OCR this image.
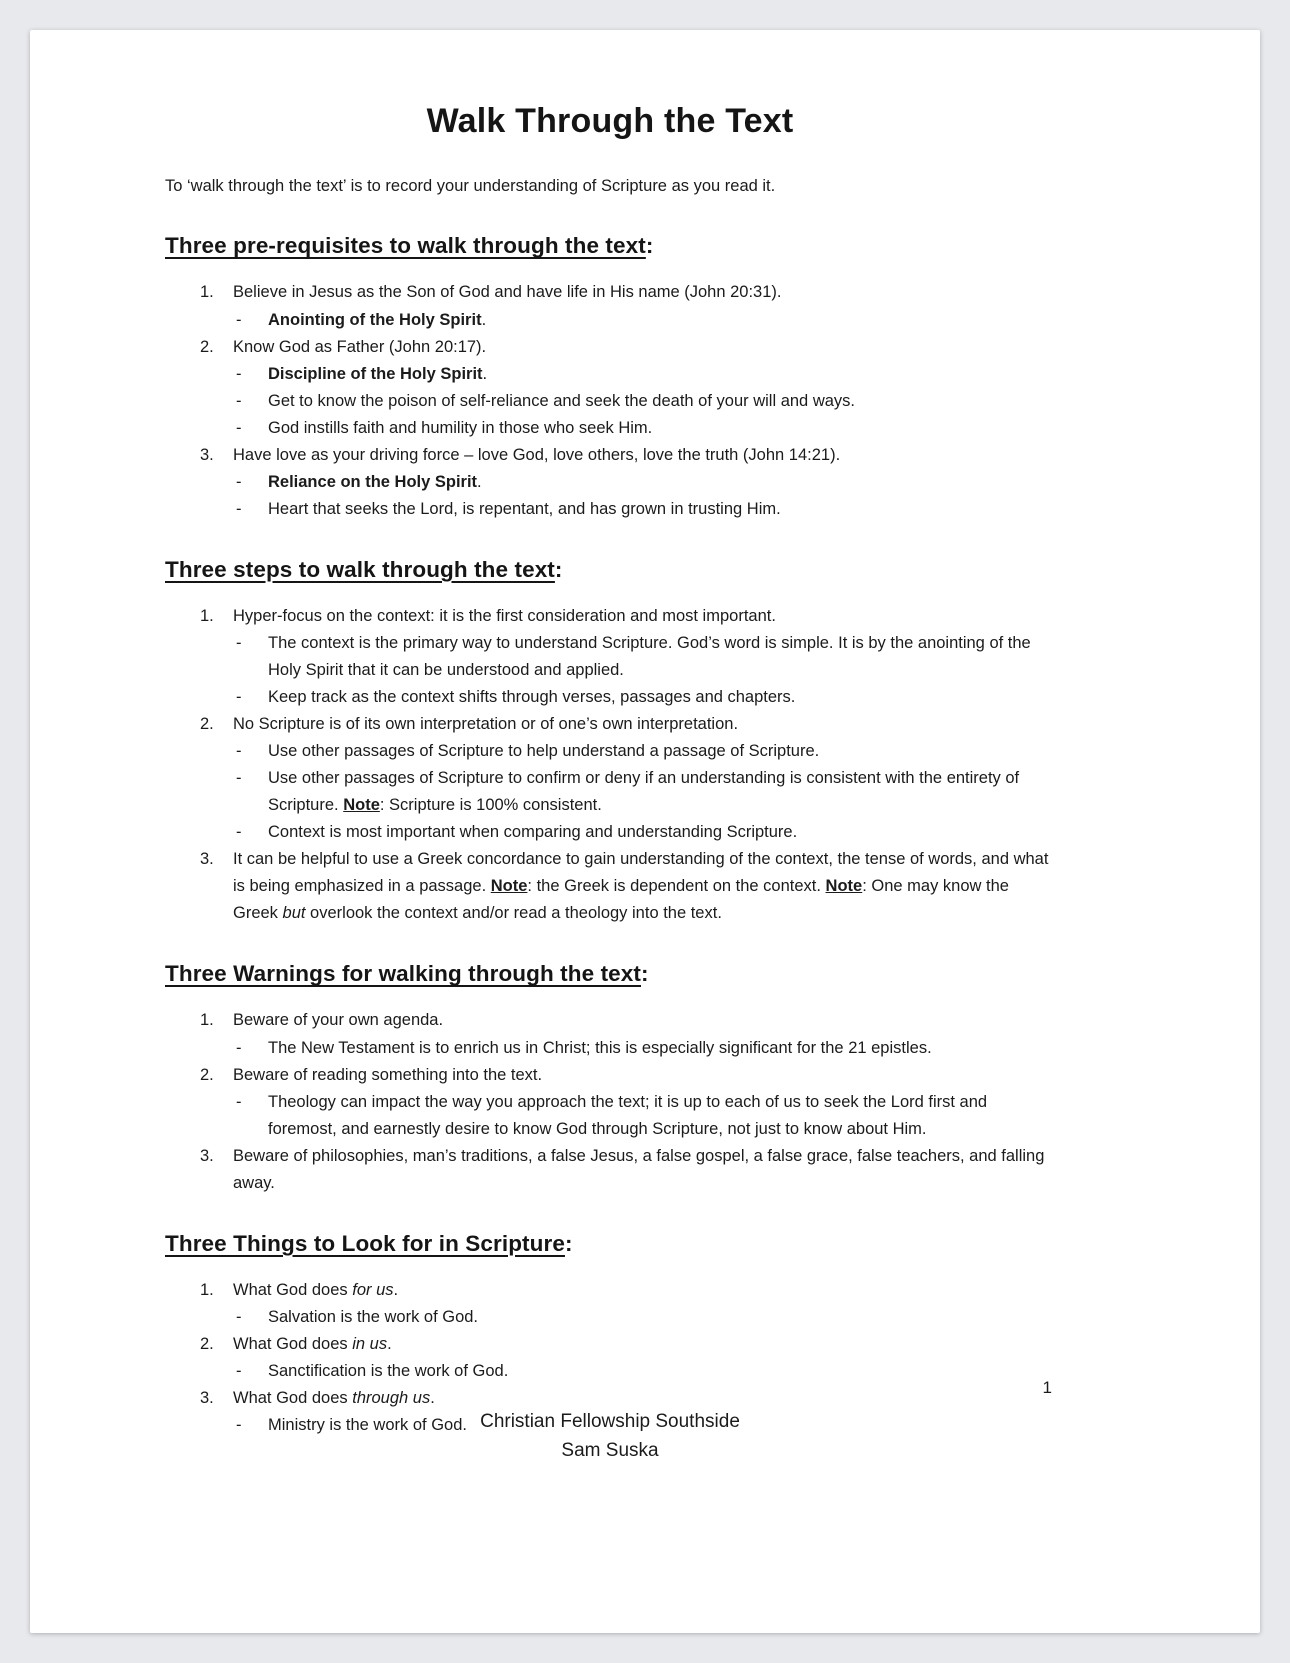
Walk Through the Text

To ‘walk through the text’ is to record your understanding of Scripture as you read it.

Three pre-requisites to walk through the text:
1.	Believe in Jesus as the Son of God and have life in His name (John 20:31).
-	Anointing of the Holy Spirit.
2.	Know God as Father (John 20:17).
-	Discipline of the Holy Spirit.
-	Get to know the poison of self-reliance and seek the death of your will and ways.
-	God instills faith and humility in those who seek Him.
3.	Have love as your driving force – love God, love others, love the truth (John 14:21).
-	Reliance on the Holy Spirit.
-	Heart that seeks the Lord, is repentant, and has grown in trusting Him.
Three steps to walk through the text:
1.	Hyper-focus on the context: it is the first consideration and most important.
-	The context is the primary way to understand Scripture. God’s word is simple. It is by the anointing of the Holy Spirit that it can be understood and applied.
-	Keep track as the context shifts through verses, passages and chapters.
2.	No Scripture is of its own interpretation or of one’s own interpretation.
-	Use other passages of Scripture to help understand a passage of Scripture.
-	Use other passages of Scripture to confirm or deny if an understanding is consistent with the entirety of Scripture. Note: Scripture is 100% consistent.
-	Context is most important when comparing and understanding Scripture.
3.	It can be helpful to use a Greek concordance to gain understanding of the context, the tense of words, and what is being emphasized in a passage. Note: the Greek is dependent on the context. Note: One may know the Greek but overlook the context and/or read a theology into the text.
Three Warnings for walking through the text:
1.	Beware of your own agenda.
-	The New Testament is to enrich us in Christ; this is especially significant for the 21 epistles.
2.	Beware of reading something into the text.
-	Theology can impact the way you approach the text; it is up to each of us to seek the Lord first and foremost, and earnestly desire to know God through Scripture, not just to know about Him.
3.	Beware of philosophies, man’s traditions, a false Jesus, a false gospel, a false grace, false teachers, and falling away.
Three Things to Look for in Scripture:
1.	What God does for us.
-	Salvation is the work of God.
2.	What God does in us.
-	Sanctification is the work of God.
3.	What God does through us.
-	Ministry is the work of God.
1
Christian Fellowship Southside
Sam Suska
